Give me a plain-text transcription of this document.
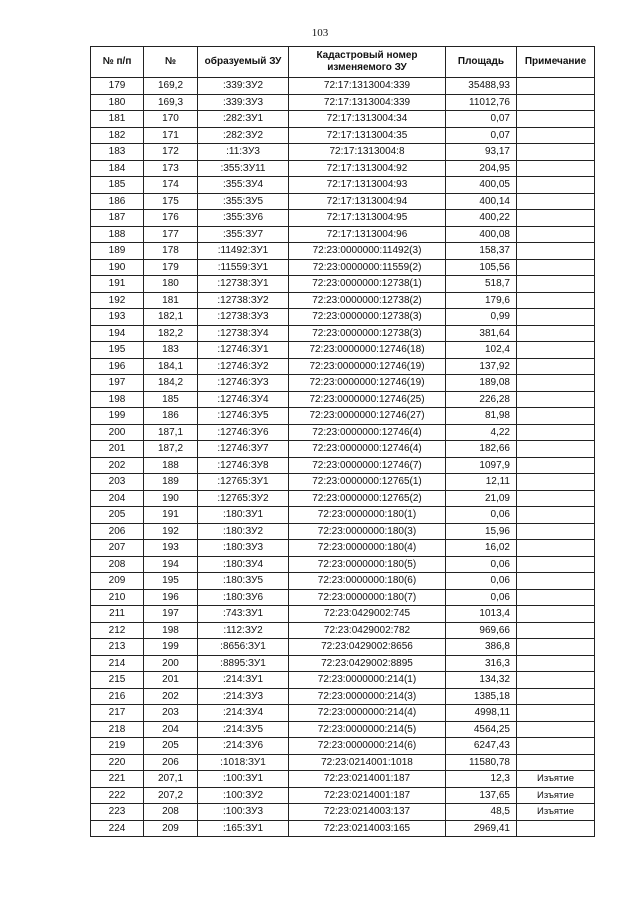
103
№ п/п	№	образуемый ЗУ	Кадастровый номер изменяемого ЗУ	Площадь	Примечание
179	169,2	:339:ЗУ2	72:17:1313004:339	35488,93	
180	169,3	:339:ЗУ3	72:17:1313004:339	11012,76	
181	170	:282:ЗУ1	72:17:1313004:34	0,07	
182	171	:282:ЗУ2	72:17:1313004:35	0,07	
183	172	:11:ЗУ3	72:17:1313004:8	93,17	
184	173	:355:ЗУ11	72:17:1313004:92	204,95	
185	174	:355:ЗУ4	72:17:1313004:93	400,05	
186	175	:355:ЗУ5	72:17:1313004:94	400,14	
187	176	:355:ЗУ6	72:17:1313004:95	400,22	
188	177	:355:ЗУ7	72:17:1313004:96	400,08	
189	178	:11492:ЗУ1	72:23:0000000:11492(3)	158,37	
190	179	:11559:ЗУ1	72:23:0000000:11559(2)	105,56	
191	180	:12738:ЗУ1	72:23:0000000:12738(1)	518,7	
192	181	:12738:ЗУ2	72:23:0000000:12738(2)	179,6	
193	182,1	:12738:ЗУ3	72:23:0000000:12738(3)	0,99	
194	182,2	:12738:ЗУ4	72:23:0000000:12738(3)	381,64	
195	183	:12746:ЗУ1	72:23:0000000:12746(18)	102,4	
196	184,1	:12746:ЗУ2	72:23:0000000:12746(19)	137,92	
197	184,2	:12746:ЗУ3	72:23:0000000:12746(19)	189,08	
198	185	:12746:ЗУ4	72:23:0000000:12746(25)	226,28	
199	186	:12746:ЗУ5	72:23:0000000:12746(27)	81,98	
200	187,1	:12746:ЗУ6	72:23:0000000:12746(4)	4,22	
201	187,2	:12746:ЗУ7	72:23:0000000:12746(4)	182,66	
202	188	:12746:ЗУ8	72:23:0000000:12746(7)	1097,9	
203	189	:12765:ЗУ1	72:23:0000000:12765(1)	12,11	
204	190	:12765:ЗУ2	72:23:0000000:12765(2)	21,09	
205	191	:180:ЗУ1	72:23:0000000:180(1)	0,06	
206	192	:180:ЗУ2	72:23:0000000:180(3)	15,96	
207	193	:180:ЗУ3	72:23:0000000:180(4)	16,02	
208	194	:180:ЗУ4	72:23:0000000:180(5)	0,06	
209	195	:180:ЗУ5	72:23:0000000:180(6)	0,06	
210	196	:180:ЗУ6	72:23:0000000:180(7)	0,06	
211	197	:743:ЗУ1	72:23:0429002:745	1013,4	
212	198	:112:ЗУ2	72:23:0429002:782	969,66	
213	199	:8656:ЗУ1	72:23:0429002:8656	386,8	
214	200	:8895:ЗУ1	72:23:0429002:8895	316,3	
215	201	:214:ЗУ1	72:23:0000000:214(1)	134,32	
216	202	:214:ЗУ3	72:23:0000000:214(3)	1385,18	
217	203	:214:ЗУ4	72:23:0000000:214(4)	4998,11	
218	204	:214:ЗУ5	72:23:0000000:214(5)	4564,25	
219	205	:214:ЗУ6	72:23:0000000:214(6)	6247,43	
220	206	:1018:ЗУ1	72:23:0214001:1018	11580,78	
221	207,1	:100:ЗУ1	72:23:0214001:187	12,3	Изъятие
222	207,2	:100:ЗУ2	72:23:0214001:187	137,65	Изъятие
223	208	:100:ЗУ3	72:23:0214003:137	48,5	Изъятие
224	209	:165:ЗУ1	72:23:0214003:165	2969,41	
